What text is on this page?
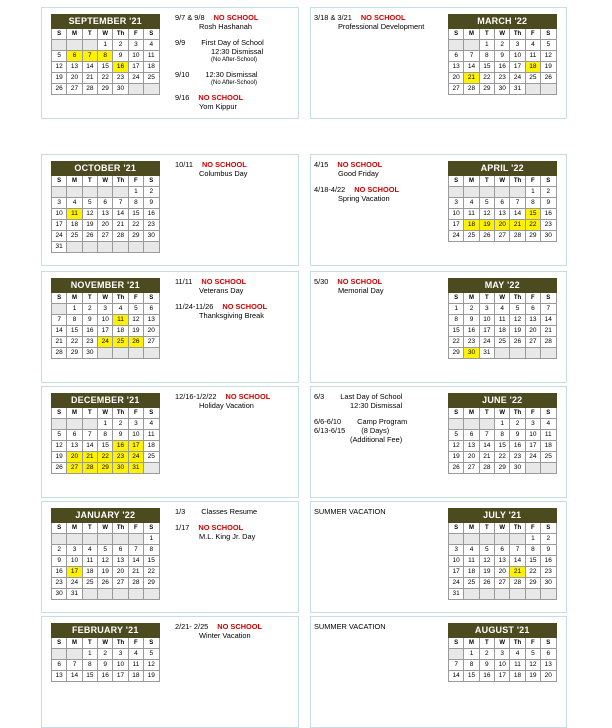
SEPTEMBER '21						
S	M	T	W	Th	F	S
			1	2	3	4
5	6	7	8	9	10	11
12	13	14	15	16	17	18
19	20	21	22	23	24	25
26	27	28	29	30		
9/7 & 9/8 NO SCHOOL
Rosh Hashanah
9/9 First Day of School
12:30 Dismissal
(No After-School)
9/10 12:30 Dismissal
(No After-School)
9/16 NO SCHOOL
Yom Kippur
MARCH '22						
S	M	T	W	Th	F	S
		1	2	3	4	5
6	7	8	9	10	11	12
13	14	15	16	17	18	19
20	21	22	23	24	25	26
27	28	29	30	31		
3/18 & 3/21 NO SCHOOL
Professional Development
OCTOBER '21						
S	M	T	W	Th	F	S
					1	2
3	4	5	6	7	8	9
10	11	12	13	14	15	16
17	18	19	20	21	22	23
24	25	26	27	28	29	30
31						
10/11 NO SCHOOL
Columbus Day
APRIL '22						
S	M	T	W	Th	F	S
					1	2
3	4	5	6	7	8	9
10	11	12	13	14	15	16
17	18	19	20	21	22	23
24	25	26	27	28	29	30
4/15 NO SCHOOL
Good Friday
4/18-4/22 NO SCHOOL
Spring Vacation
NOVEMBER '21						
S	M	T	W	Th	F	S
	1	2	3	4	5	6
7	8	9	10	11	12	13
14	15	16	17	18	19	20
21	22	23	24	25	26	27
28	29	30				
11/11 NO SCHOOL
Veterans Day
11/24-11/26 NO SCHOOL
Thanksgiving Break
MAY '22						
S	M	T	W	Th	F	S
1	2	3	4	5	6	7
8	9	10	11	12	13	14
15	16	17	18	19	20	21
22	23	24	25	26	27	28
29	30	31				
5/30 NO SCHOOL
Memorial Day
DECEMBER '21						
S	M	T	W	Th	F	S
			1	2	3	4
5	6	7	8	9	10	11
12	13	14	15	16	17	18
19	20	21	22	23	24	25
26	27	28	29	30	31	
12/16-1/2/22 NO SCHOOL
Holiday Vacation
JUNE '22						
S	M	T	W	Th	F	S
			1	2	3	4
5	6	7	8	9	10	11
12	13	14	15	16	17	18
19	20	21	22	23	24	25
26	27	28	29	30		
6/3 Last Day of School
12:30 Dismissal
6/6-6/10 Camp Program
6/13-6/15 (8 Days)
(Additional Fee)
JANUARY '22						
S	M	T	W	Th	F	S
						1
2	3	4	5	6	7	8
9	10	11	12	13	14	15
16	17	18	19	20	21	22
23	24	25	26	27	28	29
30	31					
1/3 Classes Resume
1/17 NO SCHOOL
M.L. King Jr. Day
JULY '21						
S	M	T	W	Th	F	S
					1	2
3	4	5	6	7	8	9
10	11	12	13	14	15	16
17	18	19	20	21	22	23
24	25	26	27	28	29	30
31						
SUMMER VACATION
FEBRUARY '21						
S	M	T	W	Th	F	S
		1	2	3	4	5
6	7	8	9	10	11	12
13	14	15	16	17	18	19
2/21- 2/25 NO SCHOOL
Winter Vacation
AUGUST '21						
S	M	T	W	Th	F	S
	1	2	3	4	5	6
7	8	9	10	11	12	13
14	15	16	17	18	19	20
SUMMER VACATION
